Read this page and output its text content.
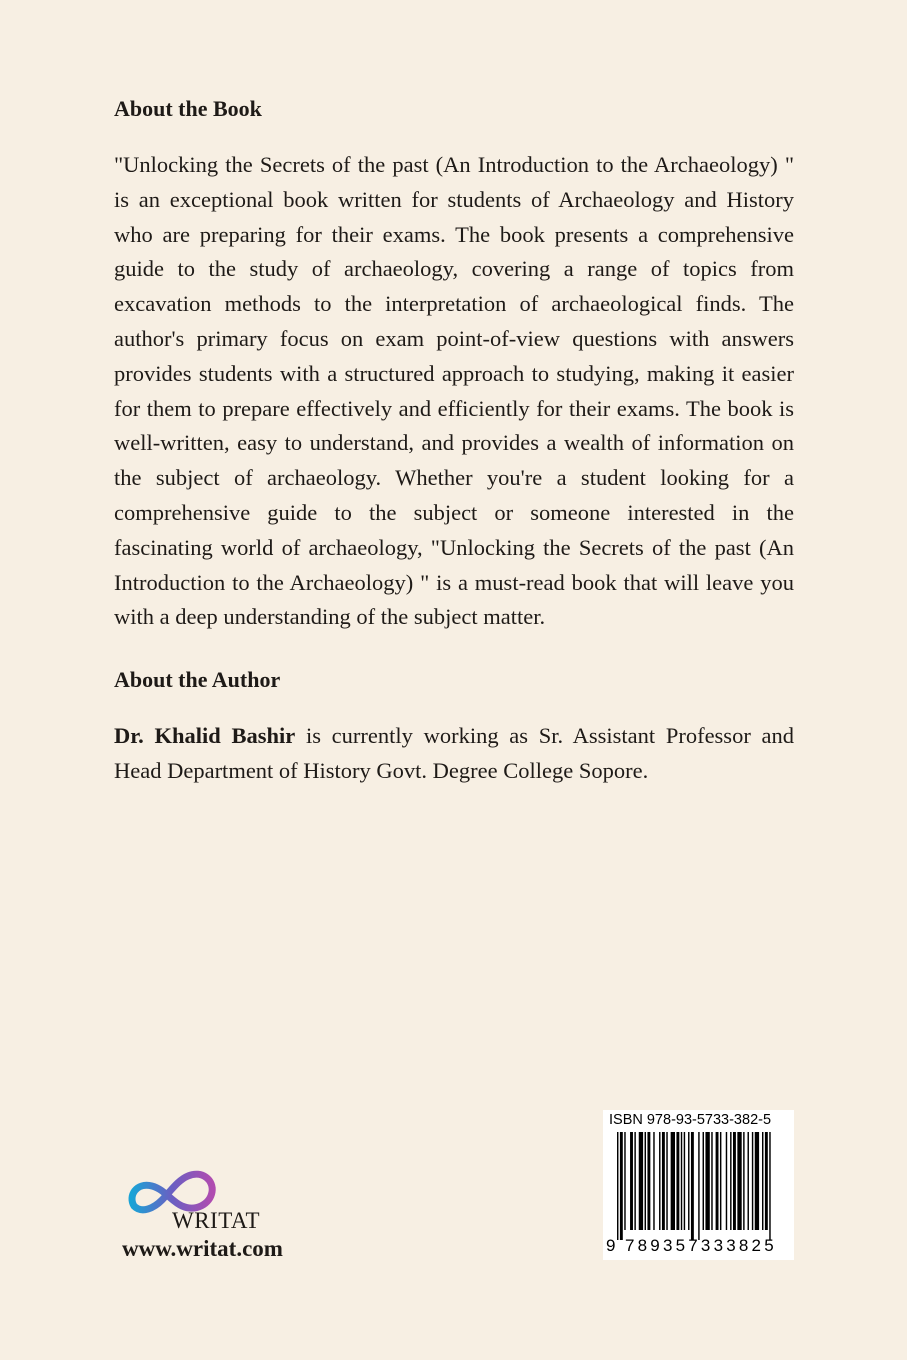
About the Book

"Unlocking the Secrets of the past (An Introduction to the Archaeology) " is an exceptional book written for students of Archaeology and History who are preparing for their exams. The book presents a comprehensive guide to the study of archaeology, covering a range of topics from excavation methods to the interpretation of archaeological finds. The author's primary focus on exam point-of-view questions with answers provides students with a structured approach to studying, making it easier for them to prepare effectively and efficiently for their exams. The book is well-written, easy to understand, and provides a wealth of information on the subject of archaeology. Whether you're a student looking for a comprehensive guide to the subject or someone interested in the fascinating world of archaeology, "Unlocking the Secrets of the past (An Introduction to the Archaeology) " is a must-read book that will leave you with a deep understanding of the subject matter.

About the Author

Dr. Khalid Bashir is currently working as Sr. Assistant Professor and Head Department of History Govt. Degree College Sopore.

WRITAT
www.writat.com
ISBN 978-93-5733-382-5
9 789357333825
